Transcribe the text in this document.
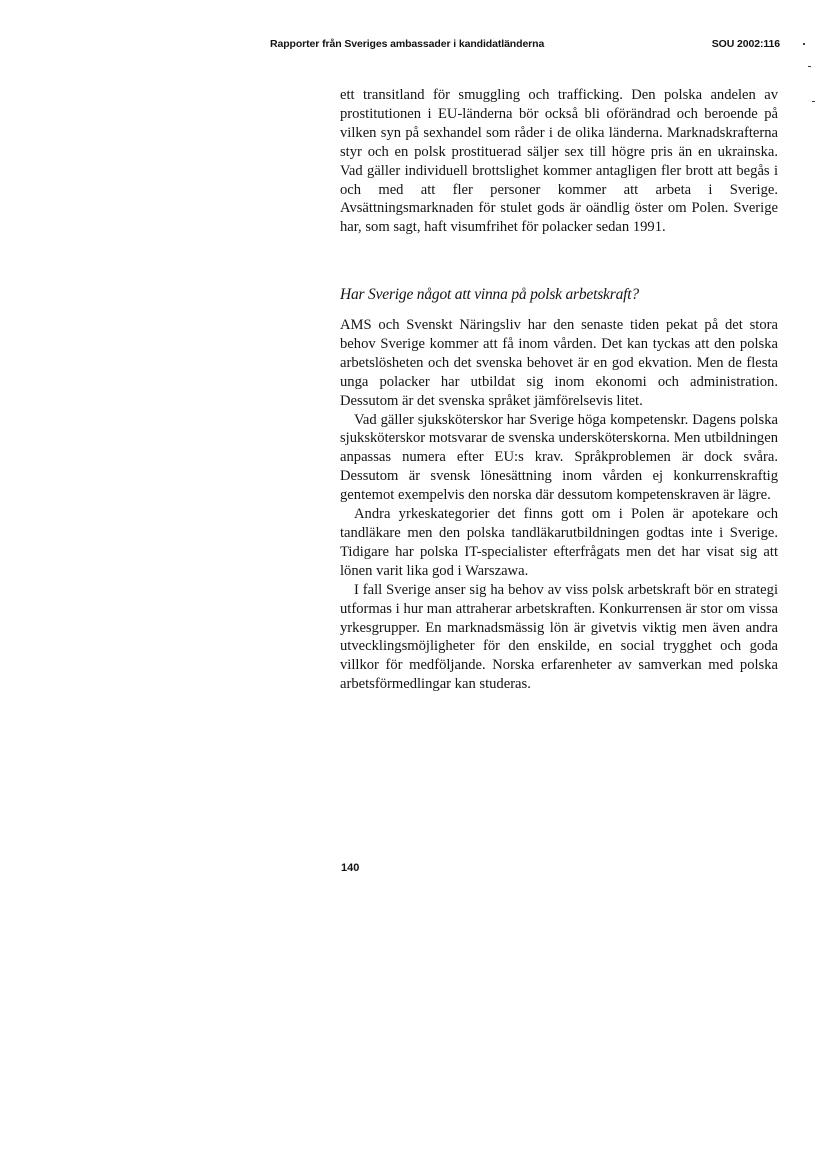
Rapporter från Sveriges ambassader i kandidatländerna	SOU 2002:116

ett transitland för smuggling och trafficking. Den polska andelen av prostitutionen i EU-länderna bör också bli oförändrad och beroende på vilken syn på sexhandel som råder i de olika länderna. Marknadskrafterna styr och en polsk prostituerad säljer sex till högre pris än en ukrainska. Vad gäller individuell brottslighet kommer antagligen fler brott att begås i och med att fler personer kommer att arbeta i Sverige. Avsättningsmarknaden för stulet gods är oändlig öster om Polen. Sverige har, som sagt, haft visumfrihet för polacker sedan 1991.

Har Sverige något att vinna på polsk arbetskraft?

AMS och Svenskt Näringsliv har den senaste tiden pekat på det stora behov Sverige kommer att få inom vården. Det kan tyckas att den polska arbetslösheten och det svenska behovet är en god ekvation. Men de flesta unga polacker har utbildat sig inom ekonomi och administration. Dessutom är det svenska språket jämförelsevis litet.

Vad gäller sjuksköterskor har Sverige höga kompetenskr. Dagens polska sjuksköterskor motsvarar de svenska undersköterskorna. Men utbildningen anpassas numera efter EU:s krav. Språkproblemen är dock svåra. Dessutom är svensk lönesättning inom vården ej konkurrenskraftig gentemot exempelvis den norska där dessutom kompetenskraven är lägre.

Andra yrkeskategorier det finns gott om i Polen är apotekare och tandläkare men den polska tandläkarutbildningen godtas inte i Sverige. Tidigare har polska IT-specialister efterfrågats men det har visat sig att lönen varit lika god i Warszawa.

I fall Sverige anser sig ha behov av viss polsk arbetskraft bör en strategi utformas i hur man attraherar arbetskraften. Konkurrensen är stor om vissa yrkesgrupper. En marknadsmässig lön är givetvis viktig men även andra utvecklingsmöjligheter för den enskilde, en social trygghet och goda villkor för medföljande. Norska erfarenheter av samverkan med polska arbetsförmedlingar kan studeras.

140
